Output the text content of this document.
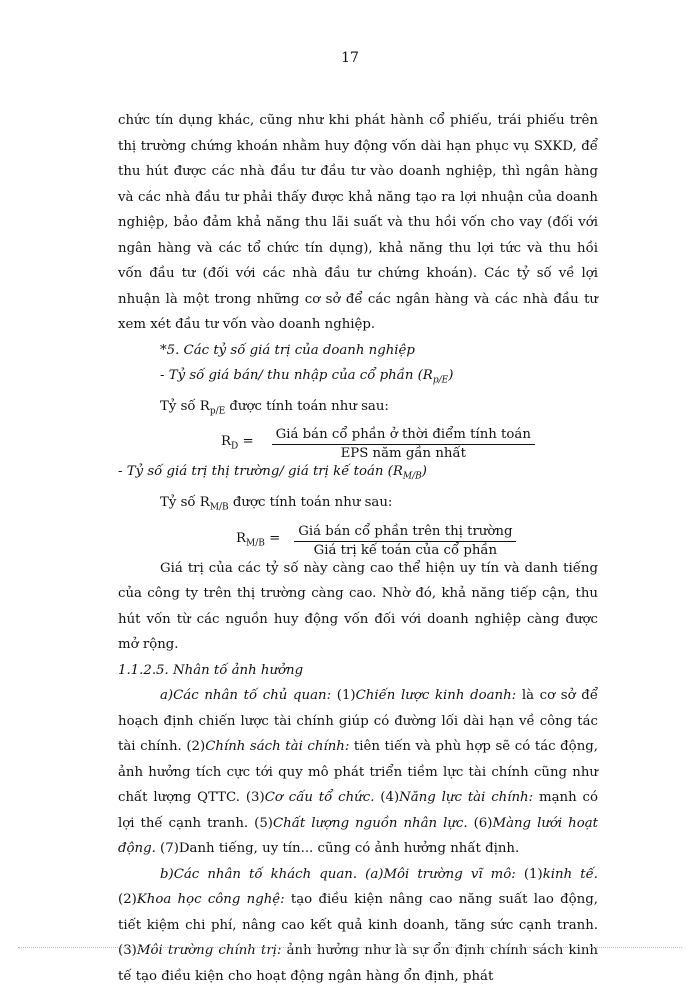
17

chức tín dụng khác, cũng như khi phát hành cổ phiếu, trái phiếu trên thị trường chứng khoán nhằm huy động vốn dài hạn phục vụ SXKD, để thu hút được các nhà đầu tư đầu tư vào doanh nghiệp, thì ngân hàng và các nhà đầu tư phải thấy được khả năng tạo ra lợi nhuận của doanh nghiệp, bảo đảm khả năng thu lãi suất và thu hồi vốn cho vay (đối với ngân hàng và các tổ chức tín dụng), khả năng thu lợi tức và thu hồi vốn đầu tư (đối với các nhà đầu tư chứng khoán). Các tỷ số về lợi nhuận là một trong những cơ sở để các ngân hàng và các nhà đầu tư xem xét đầu tư vốn vào doanh nghiệp.

*5. Các tỷ số giá trị của doanh nghiệp

- Tỷ số giá bán/ thu nhập của cổ phần $(R_{p/E})$

Tỷ số $R_{p/E}$ được tính toán như sau:

$R_D = \frac{\text{Giá bán cổ phần ở thời điểm tính toán}}{\text{EPS năm gần nhất}}$

- Tỷ số giá trị thị trường/ giá trị kế toán $(R_{M/B})$

Tỷ số $R_{M/B}$ được tính toán như sau:

$R_{M/B} = \frac{\text{Giá bán cổ phần trên thị trường}}{\text{Giá trị kế toán của cổ phần}}$

Giá trị của các tỷ số này càng cao thể hiện uy tín và danh tiếng của công ty trên thị trường càng cao. Nhờ đó, khả năng tiếp cận, thu hút vốn từ các nguồn huy động vốn đối với doanh nghiệp càng được mở rộng.

1.1.2.5. Nhân tố ảnh hưởng

a)Các nhân tố chủ quan: (1)Chiến lược kinh doanh: là cơ sở để hoạch định chiến lược tài chính giúp có đường lối dài hạn về công tác tài chính. (2)Chính sách tài chính: tiên tiến và phù hợp sẽ có tác động, ảnh hưởng tích cực tới quy mô phát triển tiềm lực tài chính cũng như chất lượng QTTC. (3)Cơ cấu tổ chức. (4)Năng lực tài chính: mạnh có lợi thế cạnh tranh. (5)Chất lượng nguồn nhân lực. (6)Màng lưới hoạt động. (7)Danh tiếng, uy tín... cũng có ảnh hưởng nhất định.

b)Các nhân tố khách quan. (a)Môi trường vĩ mô: (1)kinh tế. (2)Khoa học công nghệ: tạo điều kiện nâng cao năng suất lao động, tiết kiệm chi phí, nâng cao kết quả kinh doanh, tăng sức cạnh tranh. (3)Môi trường chính trị: ảnh hưởng như là sự ổn định chính sách kinh tế tạo điều kiện cho hoạt động ngân hàng ổn định, phát
